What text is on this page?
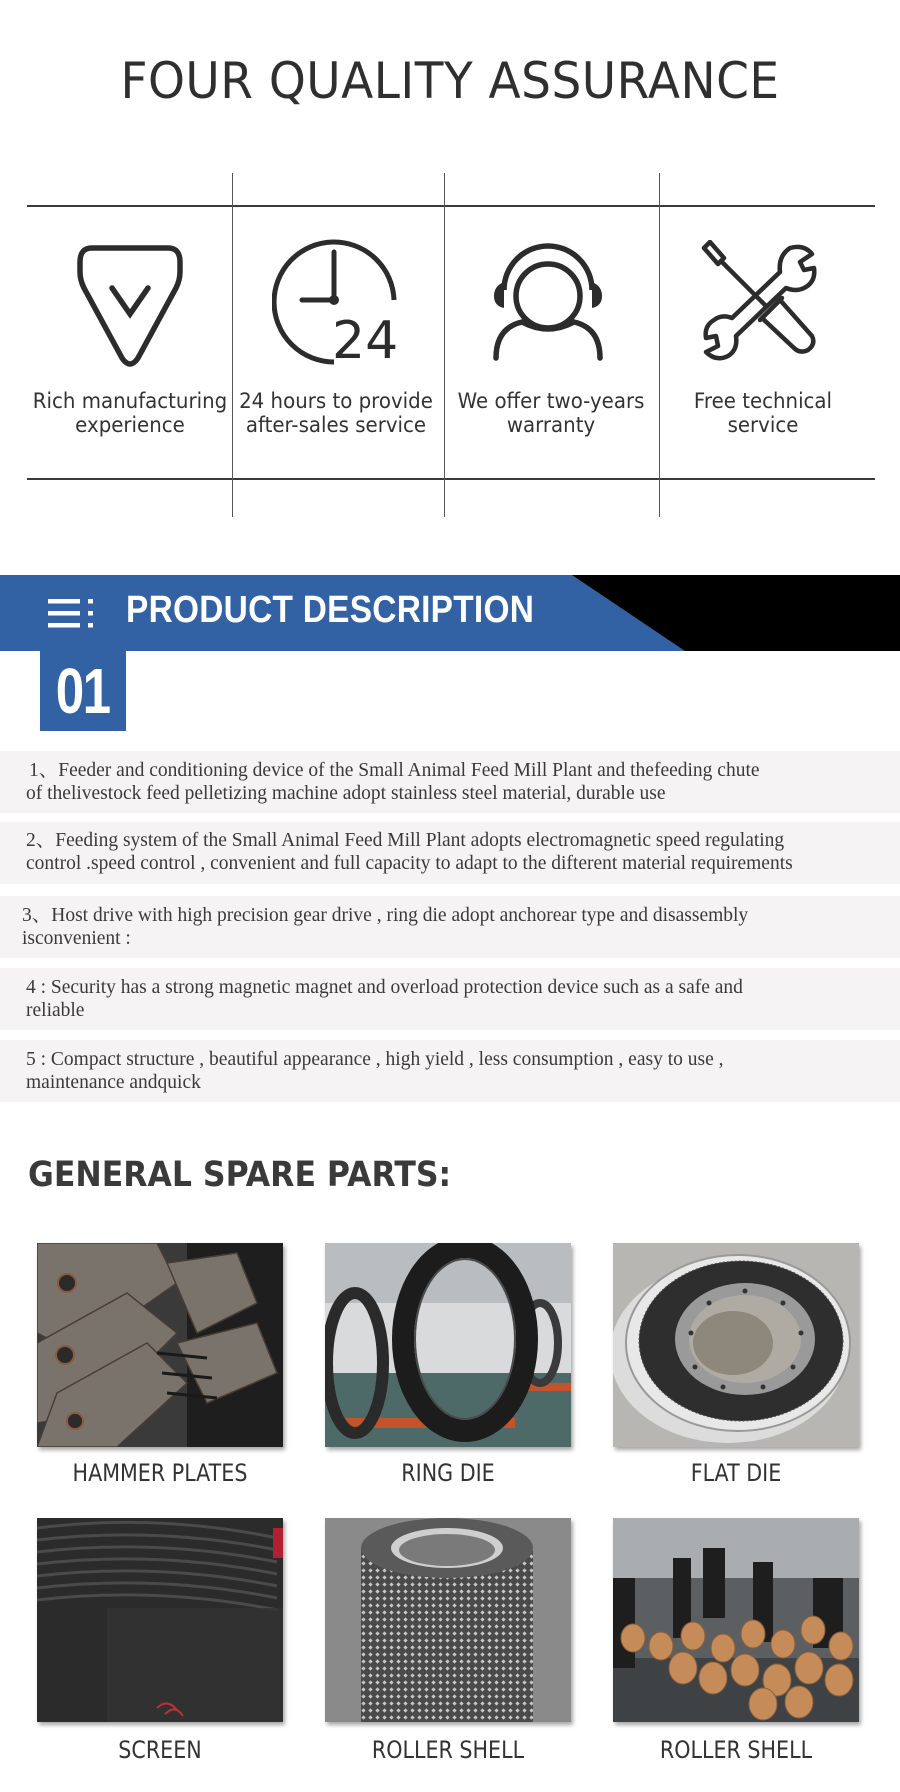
FOUR QUALITY ASSURANCE
24
Rich manufacturing
experience
24 hours to provide
after-sales service
We offer two-years
warranty
Free technical
service
PRODUCT DESCRIPTION
01

1、Feeder and conditioning device of the Small Animal Feed Mill Plant and thefeeding chute

of thelivestock feed pelletizing machine adopt stainless steel material, durable use

2、Feeding system of the Small Animal Feed Mill Plant adopts electromagnetic speed regulating

control .speed control , convenient and full capacity to adapt to the difterent material requirements

3、Host drive with high precision gear drive , ring die adopt anchorear type and disassembly

isconvenient :

4 : Security has a strong magnetic magnet and overload protection device such as a safe and

reliable

5 : Compact structure , beautiful appearance , high yield , less consumption , easy to use ,

maintenance andquick

GENERAL SPARE PARTS:
HAMMER PLATES	RING DIE	FLAT DIE
SCREEN	ROLLER SHELL	ROLLER SHELL
